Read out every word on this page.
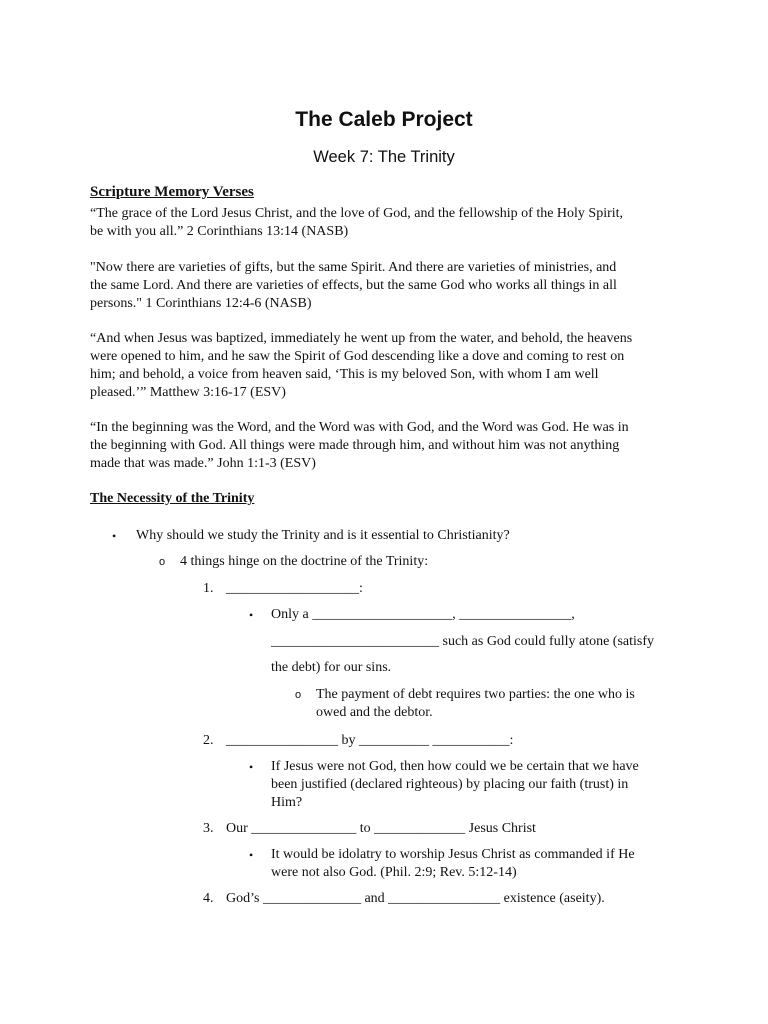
The Caleb Project
Week 7: The Trinity
Scripture Memory Verses
“The grace of the Lord Jesus Christ, and the love of God, and the fellowship of the Holy Spirit,
be with you all.” 2 Corinthians 13:14 (NASB)
"Now there are varieties of gifts, but the same Spirit. And there are varieties of ministries, and
the same Lord. And there are varieties of effects, but the same God who works all things in all
persons." 1 Corinthians 12:4-6 (NASB)
“And when Jesus was baptized, immediately he went up from the water, and behold, the heavens
were opened to him, and he saw the Spirit of God descending like a dove and coming to rest on
him; and behold, a voice from heaven said, ‘This is my beloved Son, with whom I am well
pleased.’” Matthew 3:16-17 (ESV)
“In the beginning was the Word, and the Word was with God, and the Word was God. He was in
the beginning with God. All things were made through him, and without him was not anything
made that was made.” John 1:1-3 (ESV)
The Necessity of the Trinity
• Why should we study the Trinity and is it essential to Christianity?
o 4 things hinge on the doctrine of the Trinity:
1. ___________________:
• Only a ____________________, ________________,
________________________ such as God could fully atone (satisfy
the debt) for our sins.
o The payment of debt requires two parties: the one who is
owed and the debtor.
2. ________________ by __________ ___________:
• If Jesus were not God, then how could we be certain that we have
been justified (declared righteous) by placing our faith (trust) in
Him?
3. Our _______________ to _____________ Jesus Christ
• It would be idolatry to worship Jesus Christ as commanded if He
were not also God. (Phil. 2:9; Rev. 5:12-14)
4. God’s ______________ and ________________ existence (aseity).
